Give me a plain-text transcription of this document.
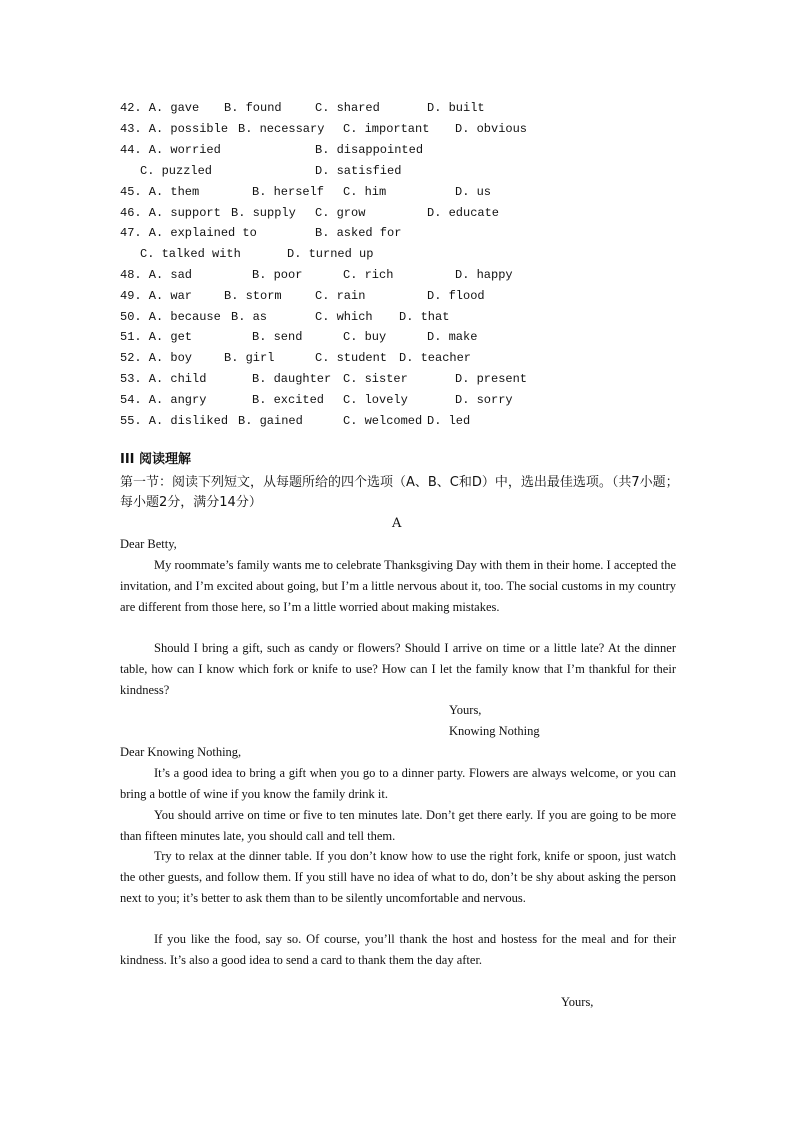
42. A. gave B. found	C. shared	D. built
43. A. possible B. necessary C. important D. obvious
44. A. worried	B. disappointed
C. puzzled	D. satisfied
45. A. them	B. herself C. him	D. us
46. A. support B. supply C. grow	D. educate
47. A. explained to	B. asked for
C. talked with	D. turned up
48. A. sad	B. poor	C. rich	D. happy
49. A. war	B. storm	C. rain	D. flood
50. A. because B. as	C. which D. that
51. A. get	B. send	C. buy	D. make
52. A. boy	B. girl	C. student D. teacher
53. A. child	B. daughter C. sister	D. present
54. A. angry	B. excited C. lovely	D. sorry
55. A. disliked B. gained	C. welcomed D. led
III 阅读理解
第一节：阅读下列短文，从每题所给的四个选项（A、B、C和D）中，选出最佳选项。（共7小题；每小题2分，满分14分）
A
Dear Betty,
My roommate’s family wants me to celebrate Thanksgiving Day with them in their home. I accepted the invitation, and I’m excited about going, but I’m a little nervous about it, too. The social customs in my country are different from those here, so I’m a little worried about making mistakes.
Should I bring a gift, such as candy or flowers? Should I arrive on time or a little late? At the dinner table, how can I know which fork or knife to use? How can I let the family know that I’m thankful for their kindness?
Yours,
Knowing Nothing
Dear Knowing Nothing,
It’s a good idea to bring a gift when you go to a dinner party. Flowers are always welcome, or you can bring a bottle of wine if you know the family drink it.
You should arrive on time or five to ten minutes late. Don’t get there early. If you are going to be more than fifteen minutes late, you should call and tell them.
Try to relax at the dinner table. If you don’t know how to use the right fork, knife or spoon, just watch the other guests, and follow them. If you still have no idea of what to do, don’t be shy about asking the person next to you; it’s better to ask them than to be silently uncomfortable and nervous.
If you like the food, say so. Of course, you’ll thank the host and hostess for the meal and for their kindness. It’s also a good idea to send a card to thank them the day after.
Yours,
